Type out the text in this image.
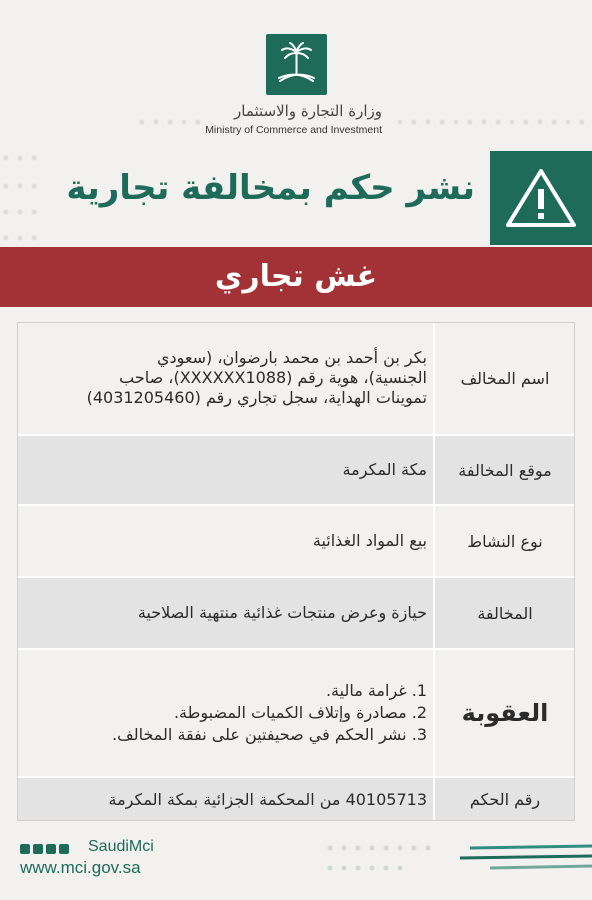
وزارة التجارة والاستثمار
Ministry of Commerce and Investment
نشر حكم بمخالفة تجارية
غش تجاري
اسم المخالف
بكر بن أحمد بن محمد بارضوان، (سعودي
الجنسية)، هوية رقم (XXXXXX1088)، صاحب
تموينات الهداية، سجل تجاري رقم (4031205460)
موقع المخالفة
مكة المكرمة
نوع النشاط
بيع المواد الغذائية
المخالفة
حيازة وعرض منتجات غذائية منتهية الصلاحية
العقوبة
1. غرامة مالية.
2. مصادرة وإتلاف الكميات المضبوطة.
3. نشر الحكم في صحيفتين على نفقة المخالف.
رقم الحكم
40105713 من المحكمة الجزائية بمكة المكرمة
SaudiMci
www.mci.gov.sa
